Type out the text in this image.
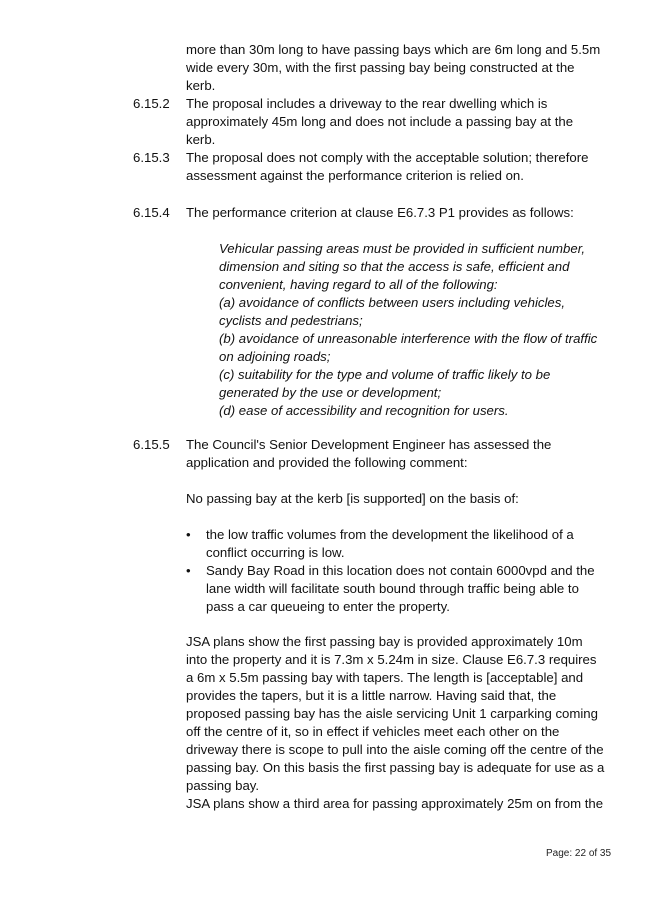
more than 30m long to have passing bays which are 6m long and 5.5m wide every 30m, with the first passing bay being constructed at the kerb.

6.15.2	The proposal includes a driveway to the rear dwelling which is approximately 45m long and does not include a passing bay at the kerb.

6.15.3	The proposal does not comply with the acceptable solution; therefore assessment against the performance criterion is relied on.

6.15.4	The performance criterion at clause E6.7.3 P1 provides as follows:

Vehicular passing areas must be provided in sufficient number, dimension and siting so that the access is safe, efficient and convenient, having regard to all of the following:
(a) avoidance of conflicts between users including vehicles, cyclists and pedestrians;
(b) avoidance of unreasonable interference with the flow of traffic on adjoining roads;
(c) suitability for the type and volume of traffic likely to be generated by the use or development;
(d) ease of accessibility and recognition for users.
6.15.5	The Council's Senior Development Engineer has assessed the application and provided the following comment:

No passing bay at the kerb [is supported] on the basis of:

•	the low traffic volumes from the development the likelihood of a conflict occurring is low.
•	Sandy Bay Road in this location does not contain 6000vpd and the lane width will facilitate south bound through traffic being able to pass a car queueing to enter the property.

JSA plans show the first passing bay is provided approximately 10m into the property and it is 7.3m x 5.24m in size. Clause E6.7.3 requires a 6m x 5.5m passing bay with tapers. The length is [acceptable] and provides the tapers, but it is a little narrow. Having said that, the proposed passing bay has the aisle servicing Unit 1 carparking coming off the centre of it, so in effect if vehicles meet each other on the driveway there is scope to pull into the aisle coming off the centre of the passing bay. On this basis the first passing bay is adequate for use as a passing bay.

JSA plans show a third area for passing approximately 25m on from the

Page: 22 of 35
